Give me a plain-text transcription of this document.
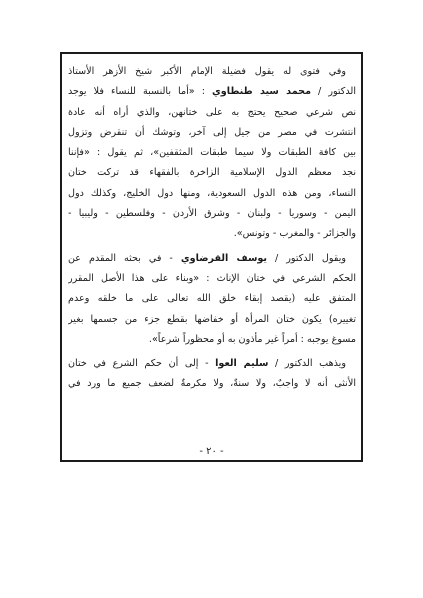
وفي فتوى له يقول فضيلة الإمام الأكبر شيخ الأزهر الأستاذ
الدكتور / محمد سيد طنطاوي : «أما بالنسبة للنساء فلا يوجد
نص شرعي صحيح يحتج به على ختانهن، والذي أراه أنه عادة
انتشرت في مصر من جيل إلى آخر، وتوشك أن تنقرض وتزول
بين كافة الطبقات ولا سيما طبقات المثقفين»، ثم يقول : «فإننا
نجد معظم الدول الإسلامية الزاخرة بالفقهاء قد تركت ختان
النساء، ومن هذه الدول السعودية، ومنها دول الخليج، وكذلك دول
اليمن - وسوريا - ولبنان - وشرق الأردن - وفلسطين - وليبيا -
والجزائر - والمغرب - وتونس».
ويقول الدكتور / يوسف القرضاوي - في بحثه المقدم عن
الحكم الشرعي في ختان الإناث : «وبناء على هذا الأصل المقرر
المتفق عليه (يقصد إبقاء خلق الله تعالى على ما خلقه وعدم
تغييره) يكون ختان المرأة أو خفاضها بقطع جزء من جسمها بغير
مسوغ يوجبه : أمراً غير مأذون به أو محظوراً شرعاً».
ويذهب الدكتور / سليم العوا - إلى أن حكم الشرع في ختان
الأنثى أنه لا واجبٌ، ولا سنةٌ، ولا مكرمةٌ لضعف جميع ما ورد في
- ٢٠ -
